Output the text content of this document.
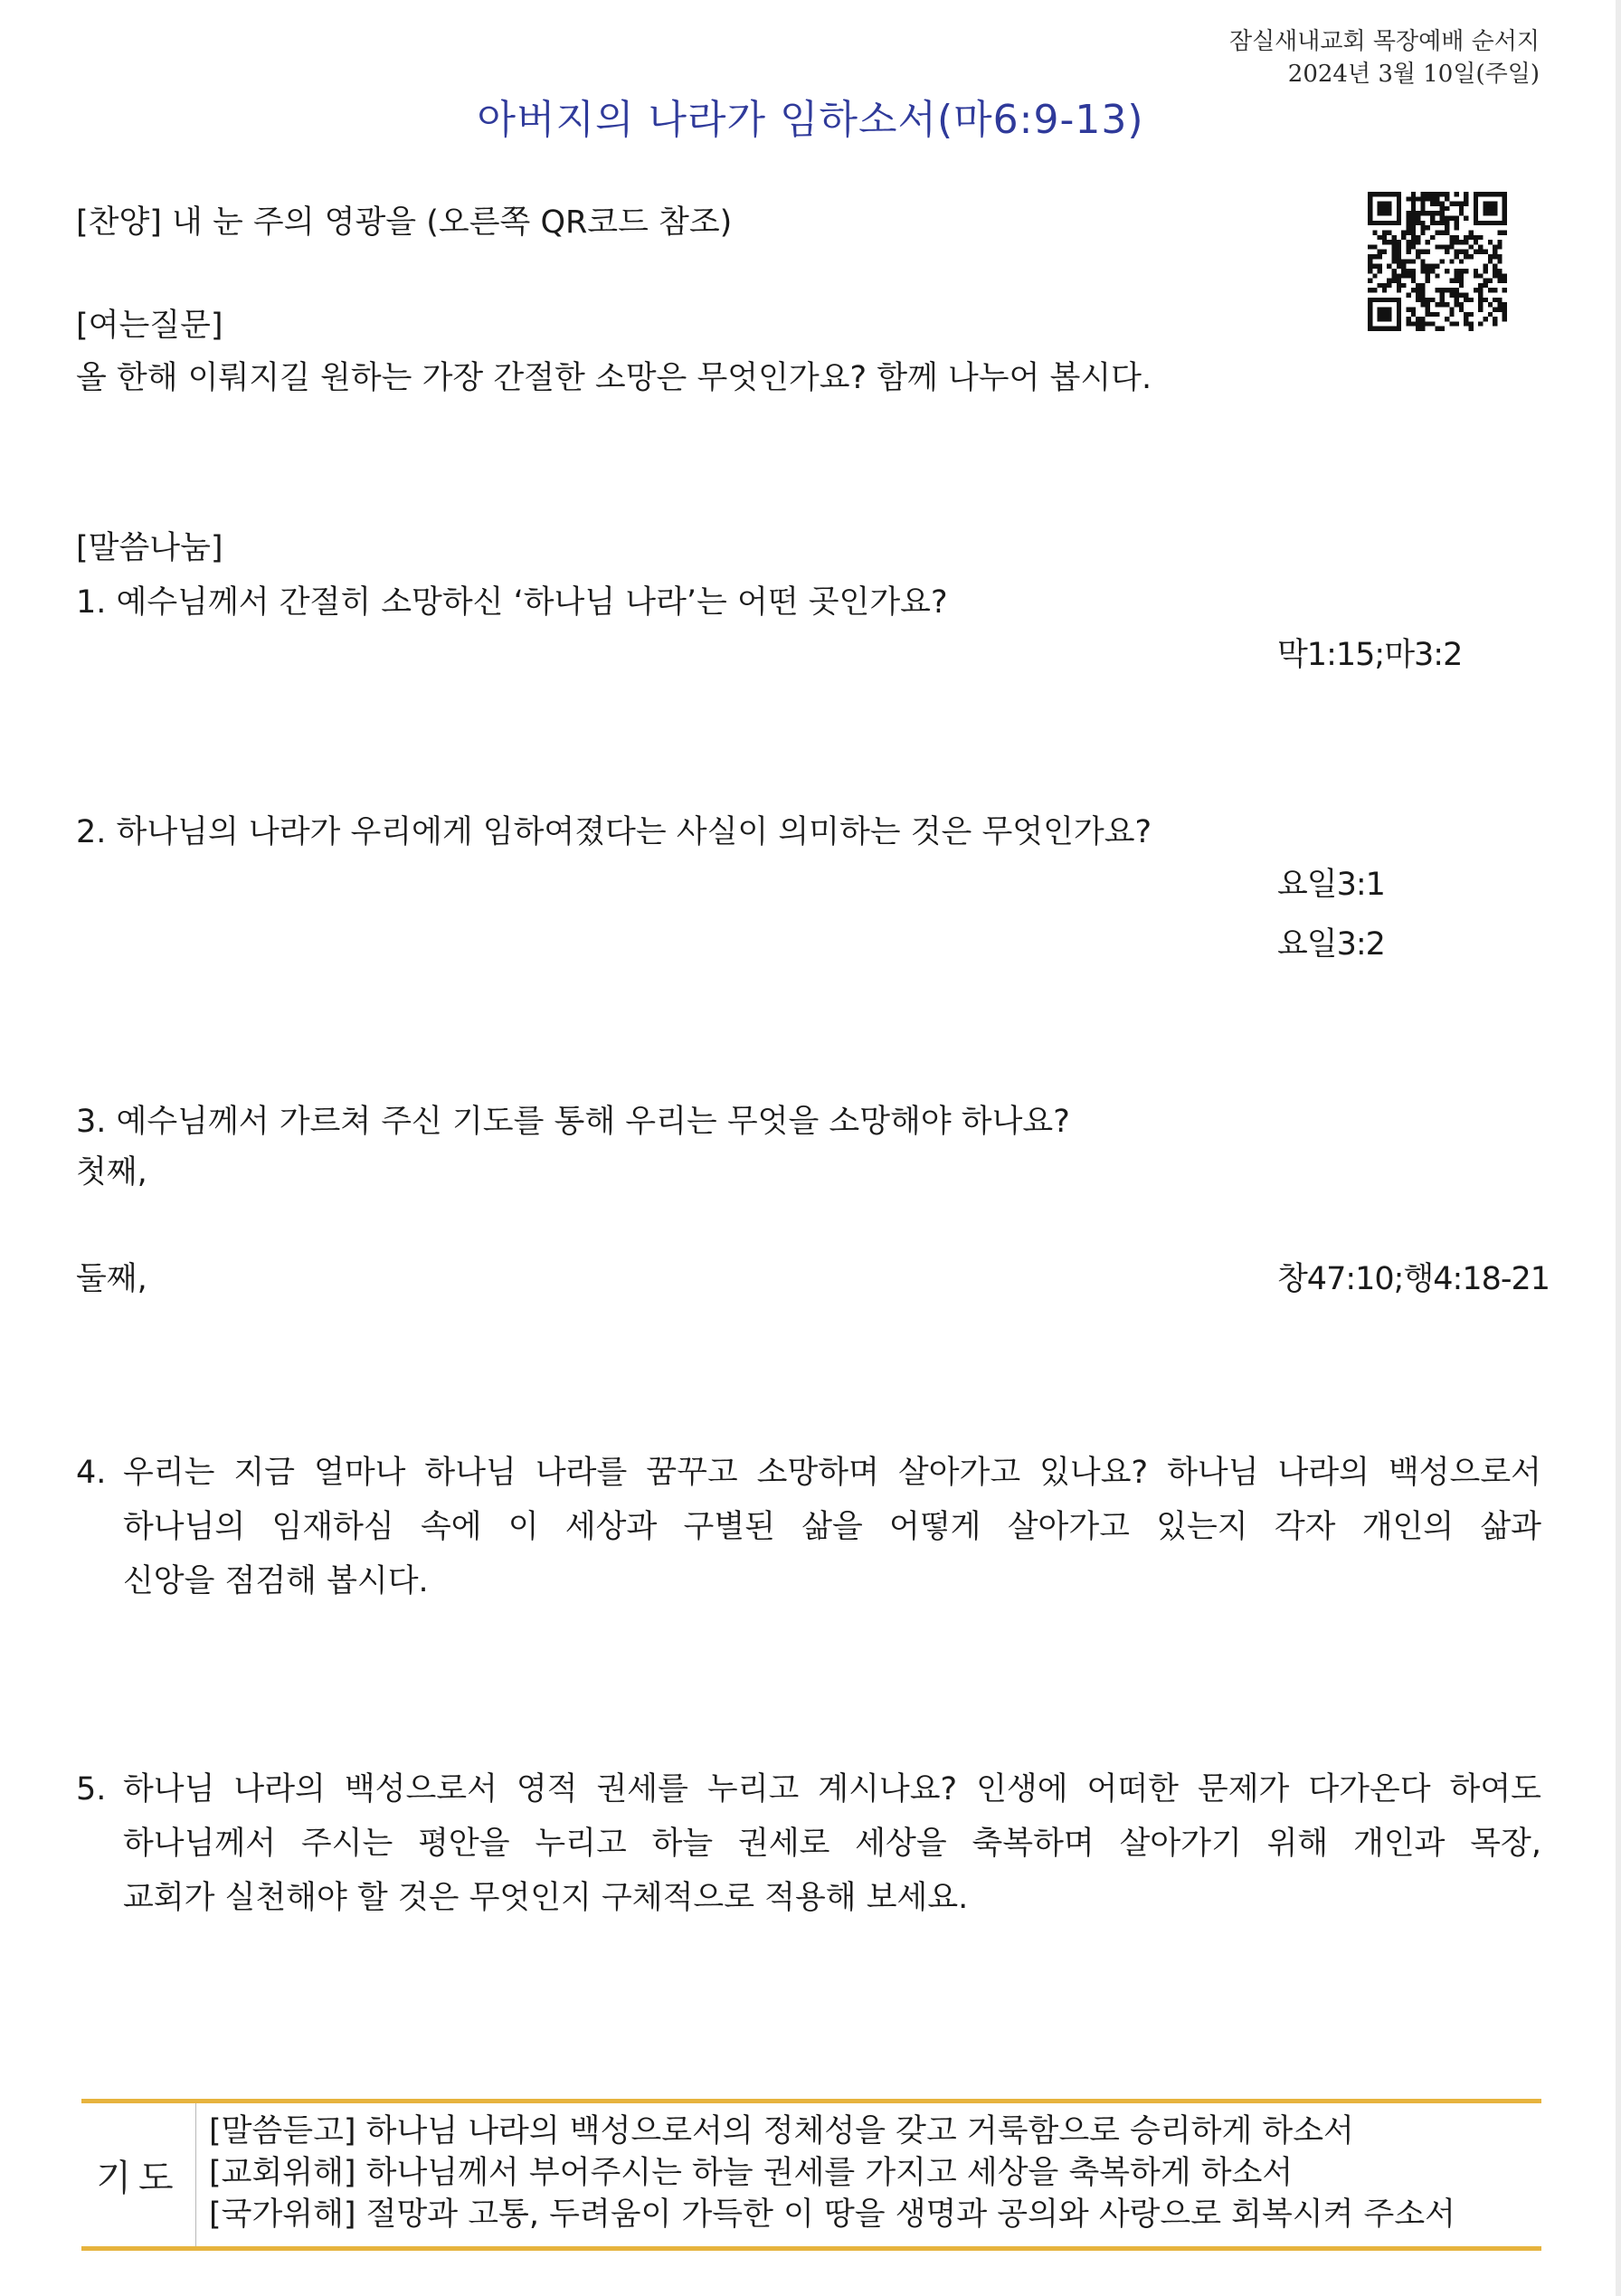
잠실새내교회 목장예배 순서지
2024년 3월 10일(주일)
아버지의 나라가 임하소서(마6:9-13)
[찬양] 내 눈 주의 영광을 (오른쪽 QR코드 참조)
[여는질문]
올 한해 이뤄지길 원하는 가장 간절한 소망은 무엇인가요? 함께 나누어 봅시다.
[말씀나눔]
1. 예수님께서 간절히 소망하신 ‘하나님 나라’는 어떤 곳인가요?
막1:15;마3:2
2. 하나님의 나라가 우리에게 임하여졌다는 사실이 의미하는 것은 무엇인가요?
요일3:1
요일3:2
3. 예수님께서 가르쳐 주신 기도를 통해 우리는 무엇을 소망해야 하나요?
첫째,
둘째,	창47:10;행4:18-21
4. 우리는 지금 얼마나 하나님 나라를 꿈꾸고 소망하며 살아가고 있나요? 하나님 나라의 백성으로서
하나님의 임재하심 속에 이 세상과 구별된 삶을 어떻게 살아가고 있는지 각자 개인의 삶과
신앙을 점검해 봅시다.
5. 하나님 나라의 백성으로서 영적 권세를 누리고 계시나요? 인생에 어떠한 문제가 다가온다 하여도
하나님께서 주시는 평안을 누리고 하늘 권세로 세상을 축복하며 살아가기 위해 개인과 목장,
교회가 실천해야 할 것은 무엇인지 구체적으로 적용해 보세요.
기도
[말씀듣고] 하나님 나라의 백성으로서의 정체성을 갖고 거룩함으로 승리하게 하소서
[교회위해] 하나님께서 부어주시는 하늘 권세를 가지고 세상을 축복하게 하소서
[국가위해] 절망과 고통, 두려움이 가득한 이 땅을 생명과 공의와 사랑으로 회복시켜 주소서
